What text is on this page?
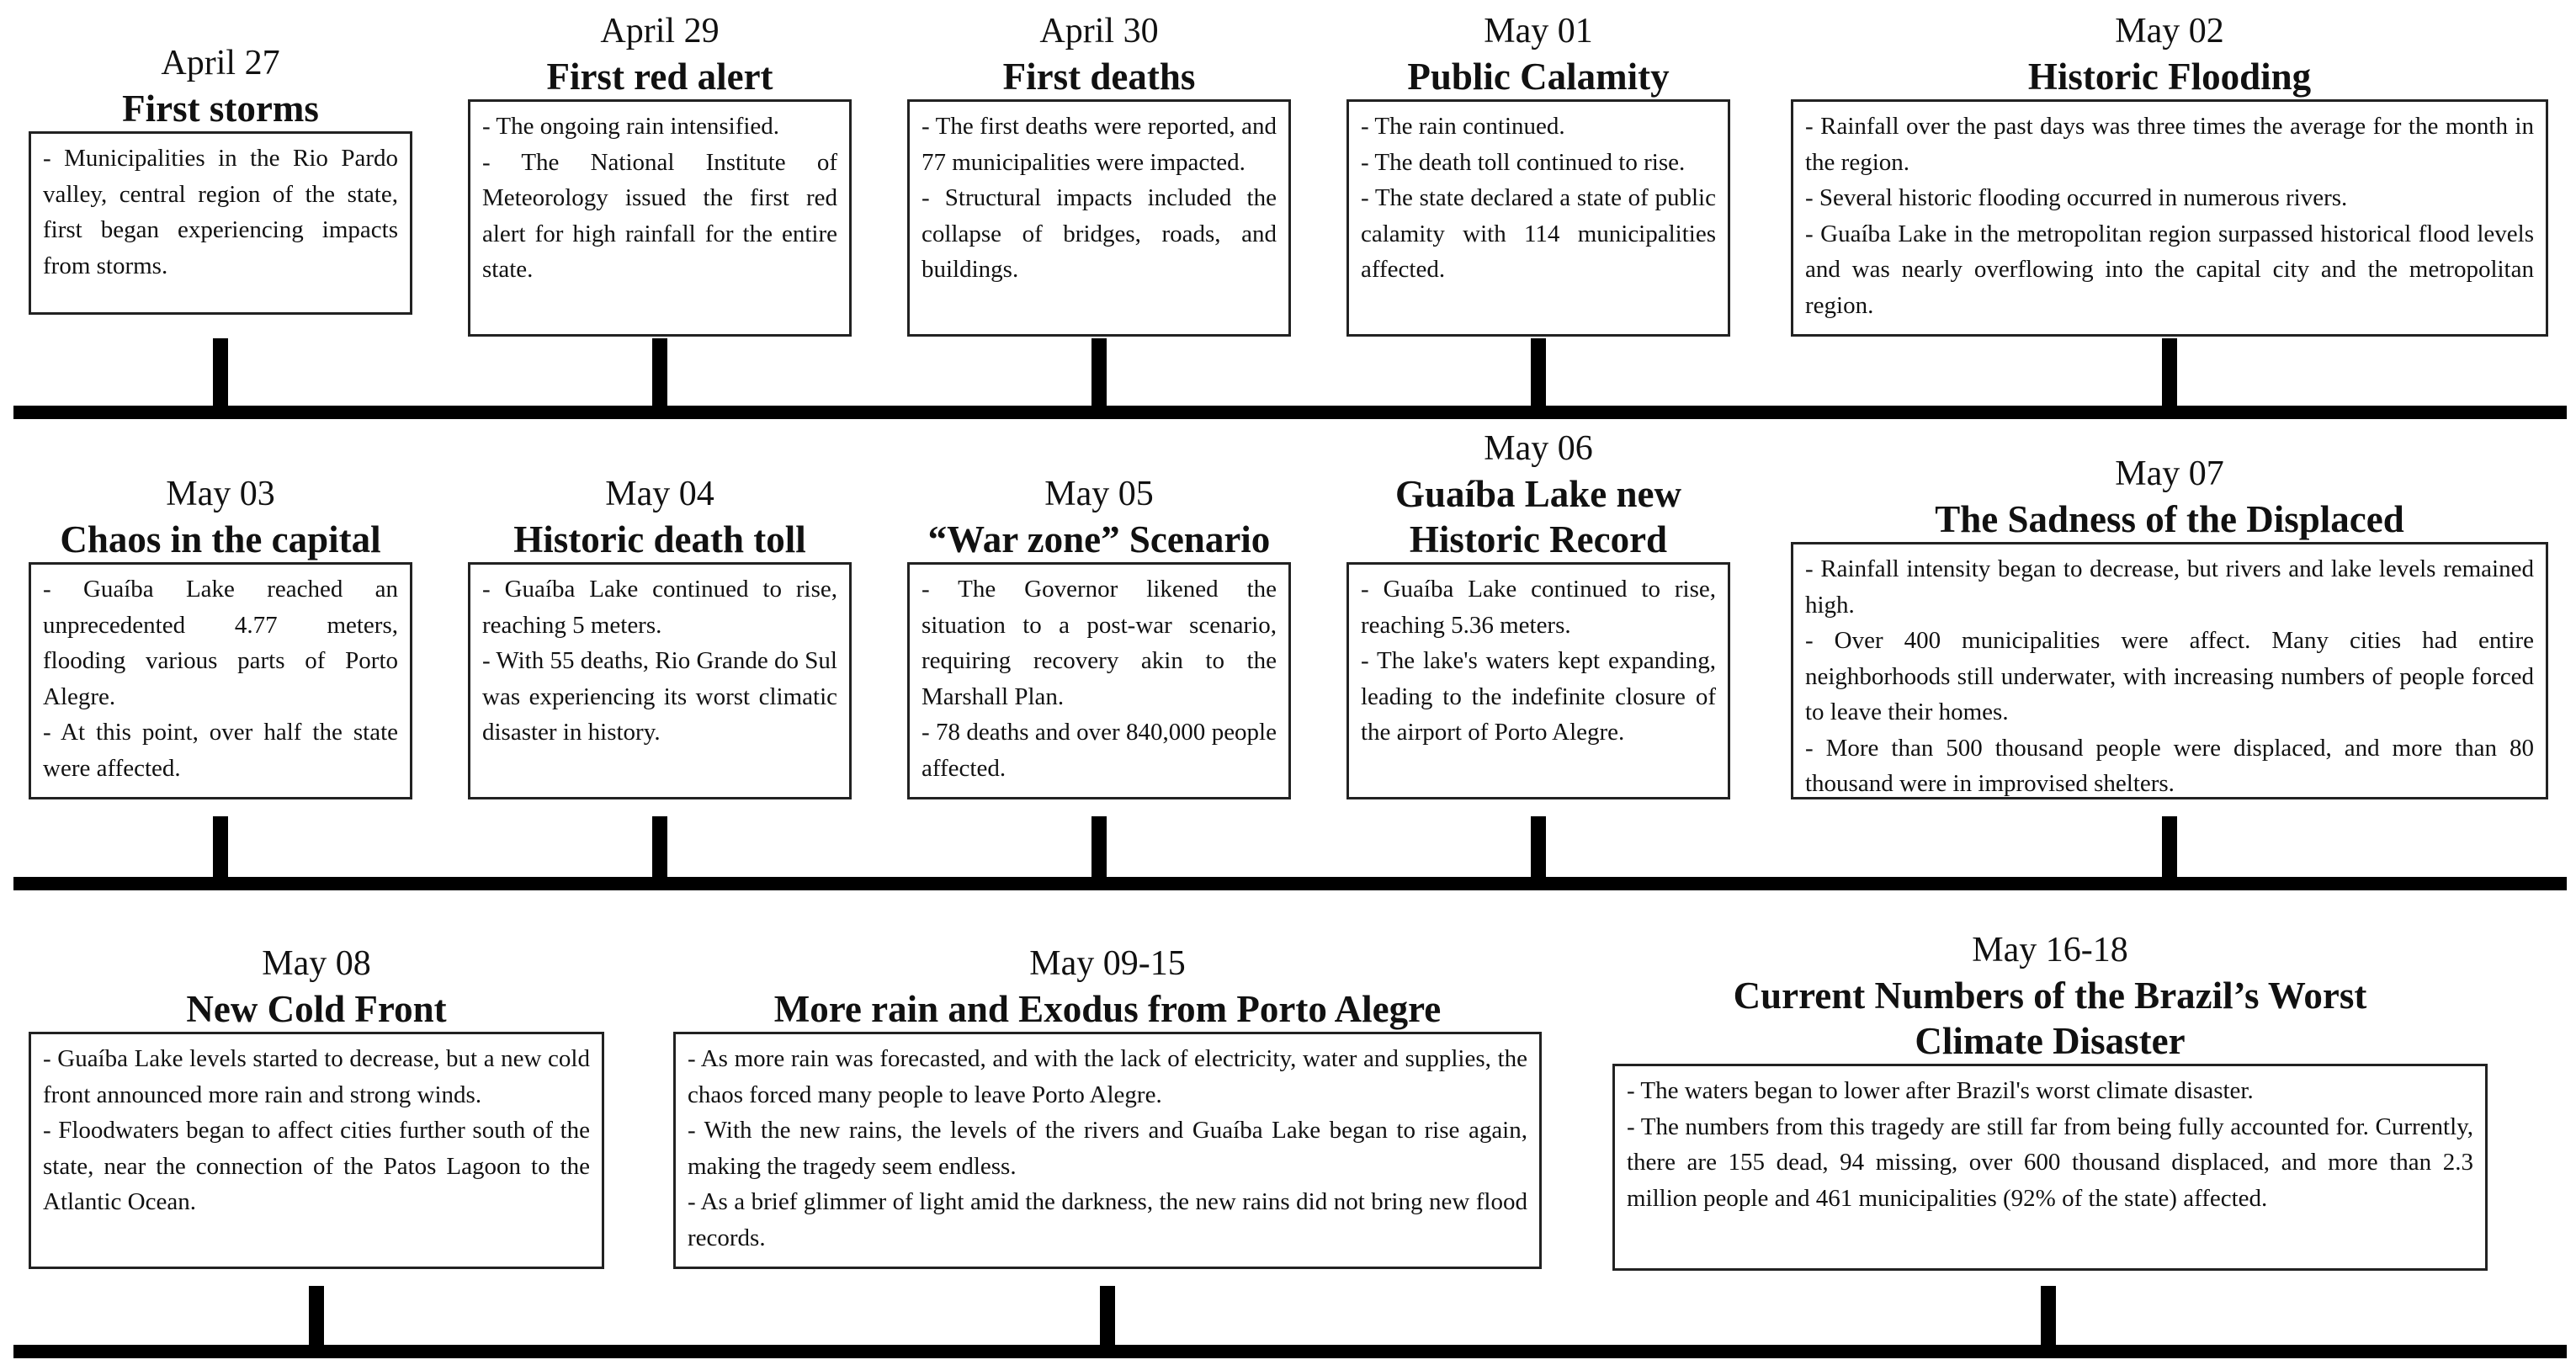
April 27
First storms

- Municipalities in the Rio Pardo valley, central region of the state, first began experiencing impacts from storms.

April 29
First red alert

- The ongoing rain intensified.

- The National Institute of Meteorology issued the first red alert for high rainfall for the entire state.

April 30
First deaths

- The first deaths were reported, and 77 municipalities were impacted.

- Structural impacts included the collapse of bridges, roads, and buildings.

May 01
Public Calamity

- The rain continued.

- The death toll continued to rise.

- The state declared a state of public calamity with 114 municipalities affected.

May 02
Historic Flooding

- Rainfall over the past days was three times the average for the month in the region.

- Several historic flooding occurred in numerous rivers.

- Guaíba Lake in the metropolitan region surpassed historical flood levels and was nearly overflowing into the capital city and the metropolitan region.

May 03
Chaos in the capital

- Guaíba Lake reached an unprecedented 4.77 meters, flooding various parts of Porto Alegre.

- At this point, over half the state were affected.

May 04
Historic death toll

- Guaíba Lake continued to rise, reaching 5 meters.

- With 55 deaths, Rio Grande do Sul was experiencing its worst climatic disaster in history.

May 05
“War zone” Scenario

- The Governor likened the situation to a post-war scenario, requiring recovery akin to the Marshall Plan.

- 78 deaths and over 840,000 people affected.

May 06
Guaíba Lake new Historic Record

- Guaíba Lake continued to rise, reaching 5.36 meters.

- The lake's waters kept expanding, leading to the indefinite closure of the airport of Porto Alegre.

May 07
The Sadness of the Displaced

- Rainfall intensity began to decrease, but rivers and lake levels remained high.

- Over 400 municipalities were affect. Many cities had entire neighborhoods still underwater, with increasing numbers of people forced to leave their homes.

- More than 500 thousand people were displaced, and more than 80 thousand were in improvised shelters.

May 08
New Cold Front

- Guaíba Lake levels started to decrease, but a new cold front announced more rain and strong winds.

- Floodwaters began to affect cities further south of the state, near the connection of the Patos Lagoon to the Atlantic Ocean.

May 09-15
More rain and Exodus from Porto Alegre

- As more rain was forecasted, and with the lack of electricity, water and supplies, the chaos forced many people to leave Porto Alegre.

- With the new rains, the levels of the rivers and Guaíba Lake began to rise again, making the tragedy seem endless.

- As a brief glimmer of light amid the darkness, the new rains did not bring new flood records.

May 16-18
Current Numbers of the Brazil’s Worst Climate Disaster

- The waters began to lower after Brazil's worst climate disaster.

- The numbers from this tragedy are still far from being fully accounted for. Currently, there are 155 dead, 94 missing, over 600 thousand displaced, and more than 2.3 million people and 461 municipalities (92% of the state) affected.
